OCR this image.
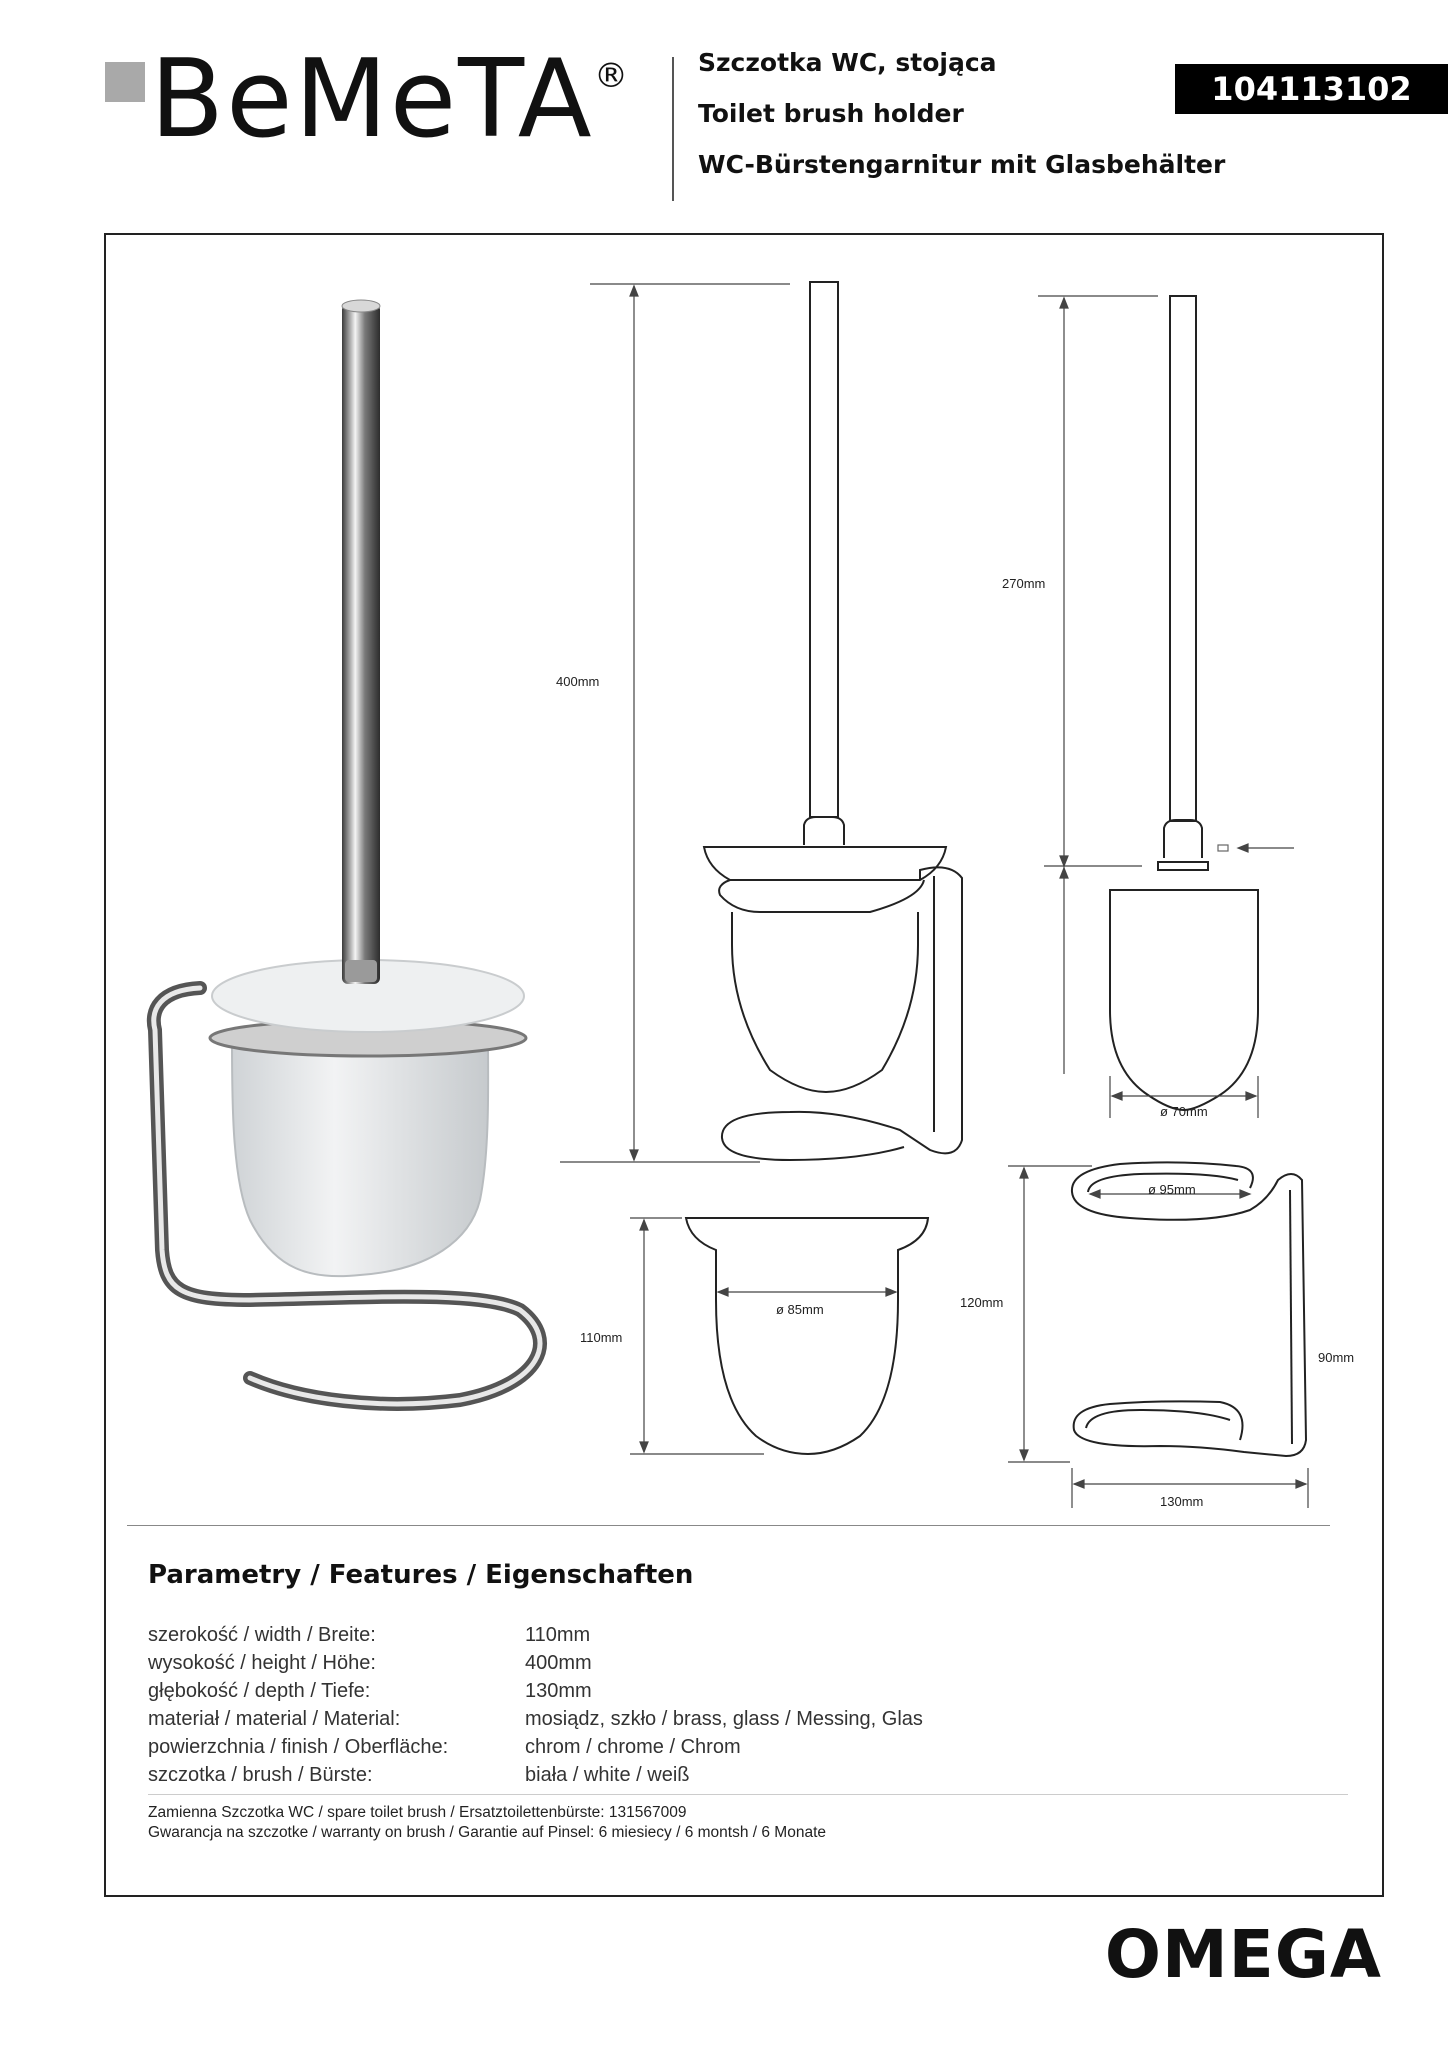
BeMeTA ®	Szczotka WC, stojąca
Toilet brush holder
WC-Bürstengarnitur mit Glasbehälter
104113102
400mm
270mm
ø 70mm
ø 85mm
110mm
ø 95mm
120mm
90mm
130mm
Parametry / Features / Eigenschaften
szerokość / width / Breite:	110mm
wysokość / height / Höhe:	400mm
głębokość / depth / Tiefe:	130mm
materiał / material / Material:	mosiądz, szkło / brass, glass / Messing, Glas
powierzchnia / finish / Oberfläche:	chrom / chrome / Chrom
szczotka / brush / Bürste:	biała / white / weiß
Zamienna Szczotka WC / spare toilet brush / Ersatztoilettenbürste: 131567009
Gwarancja na szczotke / warranty on brush / Garantie auf Pinsel: 6 miesiecy / 6 montsh / 6 Monate
OMEGA
